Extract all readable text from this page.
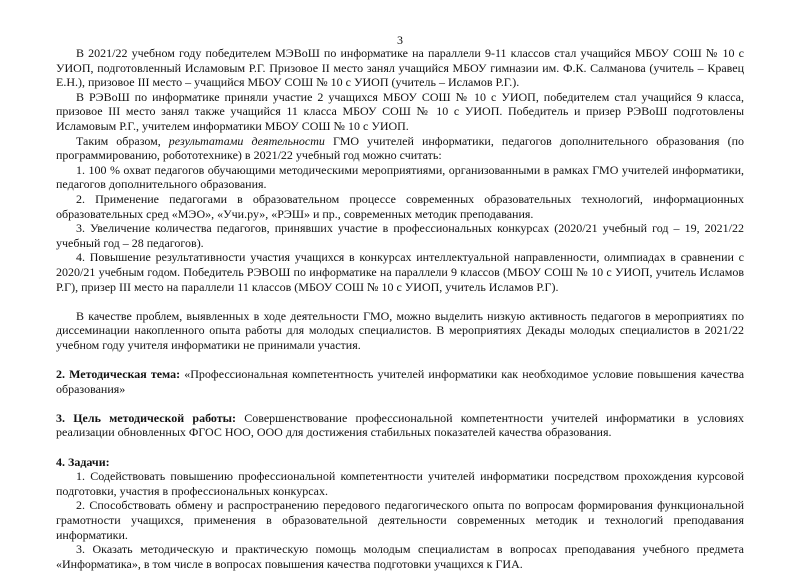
3

В 2021/22 учебном году победителем МЭВоШ по информатике на параллели 9-11 классов стал учащийся МБОУ СОШ № 10 с УИОП, подготовленный Исламовым Р.Г. Призовое II место занял учащийся МБОУ гимназии им. Ф.К. Салманова (учитель – Кравец Е.Н.), призовое III место – учащийся МБОУ СОШ № 10 с УИОП (учитель – Исламов Р.Г.).

В РЭВоШ по информатике приняли участие 2 учащихся МБОУ СОШ № 10 с УИОП, победителем стал учащийся 9 класса, призовое III место занял также учащийся 11 класса МБОУ СОШ № 10 с УИОП. Победитель и призер РЭВоШ подготовлены Исламовым Р.Г., учителем информатики МБОУ СОШ № 10 с УИОП.

Таким образом, результатами деятельности ГМО учителей информатики, педагогов дополнительного образования (по программированию, робототехнике) в 2021/22 учебный год можно считать:

1. 100 % охват педагогов обучающими методическими мероприятиями, организованными в рамках ГМО учителей информатики, педагогов дополнительного образования.

2. Применение педагогами в образовательном процессе современных образовательных технологий, информационных образовательных сред «МЭО», «Учи.ру», «РЭШ» и пр., современных методик преподавания.

3. Увеличение количества педагогов, принявших участие в профессиональных конкурсах (2020/21 учебный год – 19, 2021/22 учебный год – 28 педагогов).

4. Повышение результативности участия учащихся в конкурсах интеллектуальной направленности, олимпиадах в сравнении с 2020/21 учебным годом. Победитель РЭВОШ по информатике на параллели 9 классов (МБОУ СОШ № 10 с УИОП, учитель Исламов Р.Г), призер III место на параллели 11 классов (МБОУ СОШ № 10 с УИОП, учитель Исламов Р.Г).

В качестве проблем, выявленных в ходе деятельности ГМО, можно выделить низкую активность педагогов в мероприятиях по диссеминации накопленного опыта работы для молодых специалистов. В мероприятиях Декады молодых специалистов в 2021/22 учебном году учителя информатики не принимали участия.

2. Методическая тема: «Профессиональная компетентность учителей информатики как необходимое условие повышения качества образования»

3. Цель методической работы: Совершенствование профессиональной компетентности учителей информатики в условиях реализации обновленных ФГОС НОО, ООО для достижения стабильных показателей качества образования.

4. Задачи:

1. Содействовать повышению профессиональной компетентности учителей информатики посредством прохождения курсовой подготовки, участия в профессиональных конкурсах.

2. Способствовать обмену и распространению передового педагогического опыта по вопросам формирования функциональной грамотности учащихся, применения в образовательной деятельности современных методик и технологий преподавания информатики.

3. Оказать методическую и практическую помощь молодым специалистам в вопросах преподавания учебного предмета «Информатика», в том числе в вопросах повышения качества подготовки учащихся к ГИА.
